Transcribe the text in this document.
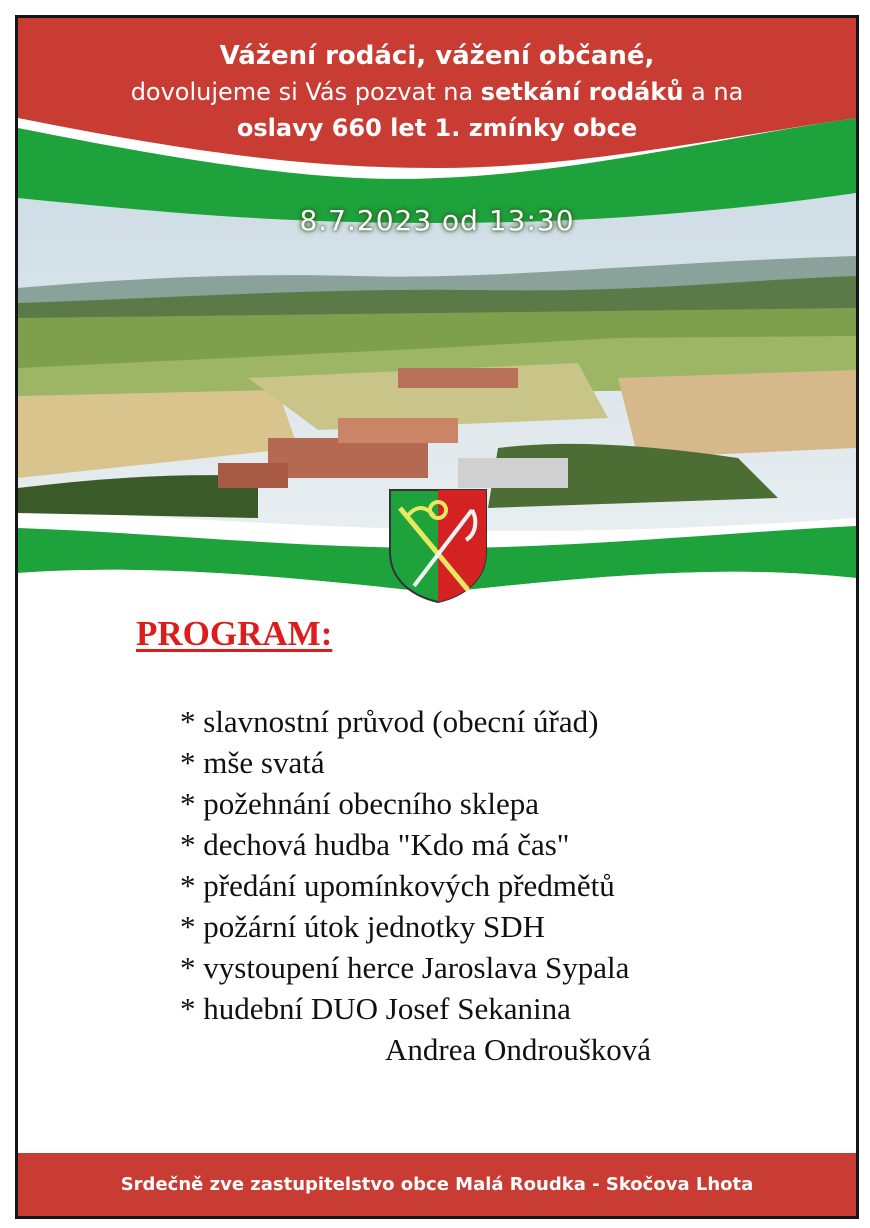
Vážení rodáci, vážení občané,
dovolujeme si Vás pozvat na setkání rodáků a na
oslavy 660 let 1. zmínky obce
8.7.2023 od 13:30
PROGRAM:
* slavnostní průvod (obecní úřad)
* mše svatá
* požehnání obecního sklepa
* dechová hudba "Kdo má čas"
* předání upomínkových předmětů
* požární útok jednotky SDH
* vystoupení herce Jaroslava Sypala
* hudební DUO Josef Sekanina
Andrea Ondroušková
Srdečně zve zastupitelstvo obce Malá Roudka - Skočova Lhota
